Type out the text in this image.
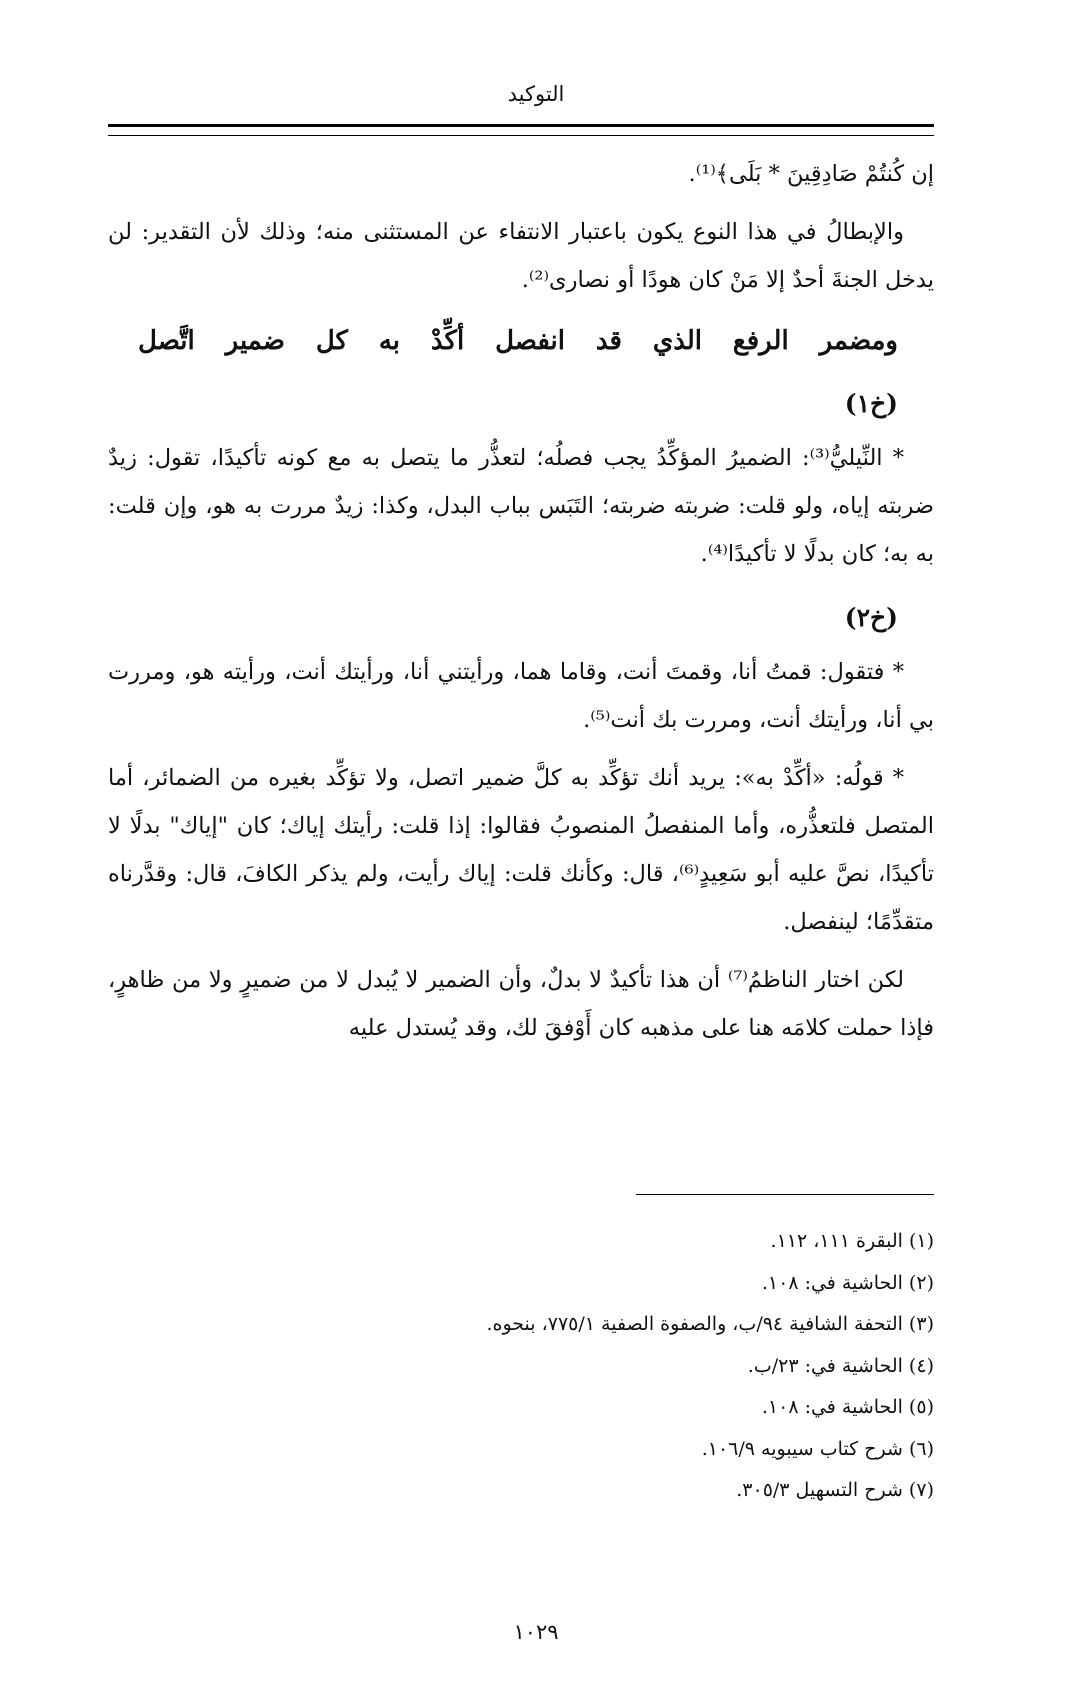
التوكيد

إن كُنتُمْ صَادِقِينَ * بَلَى﴾⁽¹⁾.

والإبطالُ في هذا النوع يكون باعتبار الانتفاء عن المستثنى منه؛ وذلك لأن التقدير: لن يدخل الجنةَ أحدٌ إلا مَنْ كان هودًا أو نصارى⁽²⁾.

ومضمر الرفع الذي قد انفصل أكِّدْ به كل ضمير اتَّصل

(خ١)

* النِّيليُّ⁽³⁾: الضميرُ المؤكِّدُ يجب فصلُه؛ لتعذُّر ما يتصل به مع كونه تأكيدًا، تقول: زيدٌ ضربته إياه، ولو قلت: ضربته ضربته؛ التَبَس بباب البدل، وكذا: زيدٌ مررت به هو، وإن قلت: به به؛ كان بدلًا لا تأكيدًا⁽⁴⁾.

(خ٢)

* فتقول: قمتُ أنا، وقمتَ أنت، وقاما هما، ورأيتني أنا، ورأيتك أنت، ورأيته هو، ومررت بي أنا، ورأيتك أنت، ومررت بك أنت⁽⁵⁾.

* قولُه: «أكِّدْ به»: يريد أنك تؤكِّد به كلَّ ضمير اتصل، ولا تؤكِّد بغيره من الضمائر، أما المتصل فلتعذُّره، وأما المنفصلُ المنصوبُ فقالوا: إذا قلت: رأيتك إياك؛ كان "إياك" بدلًا لا تأكيدًا، نصَّ عليه أبو سَعِيدٍ⁽⁶⁾، قال: وكأنك قلت: إياك رأيت، ولم يذكر الكافَ، قال: وقدَّرناه متقدِّمًا؛ لينفصل.

لكن اختار الناظمُ⁽⁷⁾ أن هذا تأكيدٌ لا بدلٌ، وأن الضمير لا يُبدل لا من ضميرٍ ولا من ظاهرٍ، فإذا حملت كلامَه هنا على مذهبه كان أَوْفقَ لك، وقد يُستدل عليه

(١) البقرة ١١١، ١١٢.
(٢) الحاشية في: ١٠٨.
(٣) التحفة الشافية ٩٤/ب، والصفوة الصفية ٧٧٥/١، بنحوه.
(٤) الحاشية في: ٢٣/ب.
(٥) الحاشية في: ١٠٨.
(٦) شرح كتاب سيبويه ١٠٦/٩.
(٧) شرح التسهيل ٣٠٥/٣.
١٠٢٩
